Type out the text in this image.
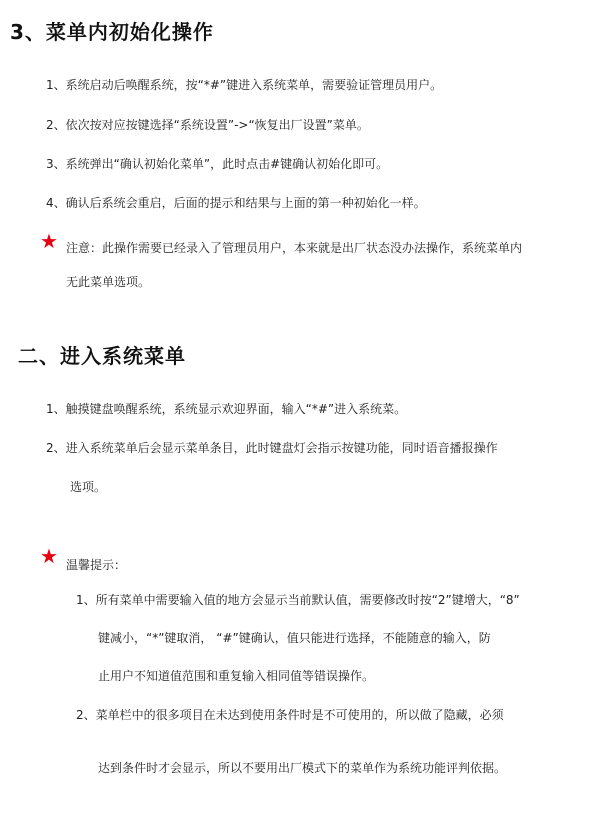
3、菜单内初始化操作
1、系统启动后唤醒系统，按“*#”键进入系统菜单，需要验证管理员用户。
2、依次按对应按键选择“系统设置”->“恢复出厂设置”菜单。
3、系统弹出“确认初始化菜单”，此时点击#键确认初始化即可。
4、确认后系统会重启，后面的提示和结果与上面的第一种初始化一样。
★ 注意：此操作需要已经录入了管理员用户，本来就是出厂状态没办法操作，系统菜单内
无此菜单选项。
二、进入系统菜单
1、触摸键盘唤醒系统，系统显示欢迎界面，输入“*#”进入系统菜。
2、进入系统菜单后会显示菜单条目，此时键盘灯会指示按键功能，同时语音播报操作
选项。
★ 温馨提示：
1、所有菜单中需要输入值的地方会显示当前默认值，需要修改时按“2”键增大，“8”
键减小，“*”键取消， “#”键确认，值只能进行选择，不能随意的输入，防
止用户不知道值范围和重复输入相同值等错误操作。
2、菜单栏中的很多项目在未达到使用条件时是不可使用的，所以做了隐藏，必须
达到条件时才会显示，所以不要用出厂模式下的菜单作为系统功能评判依据。
